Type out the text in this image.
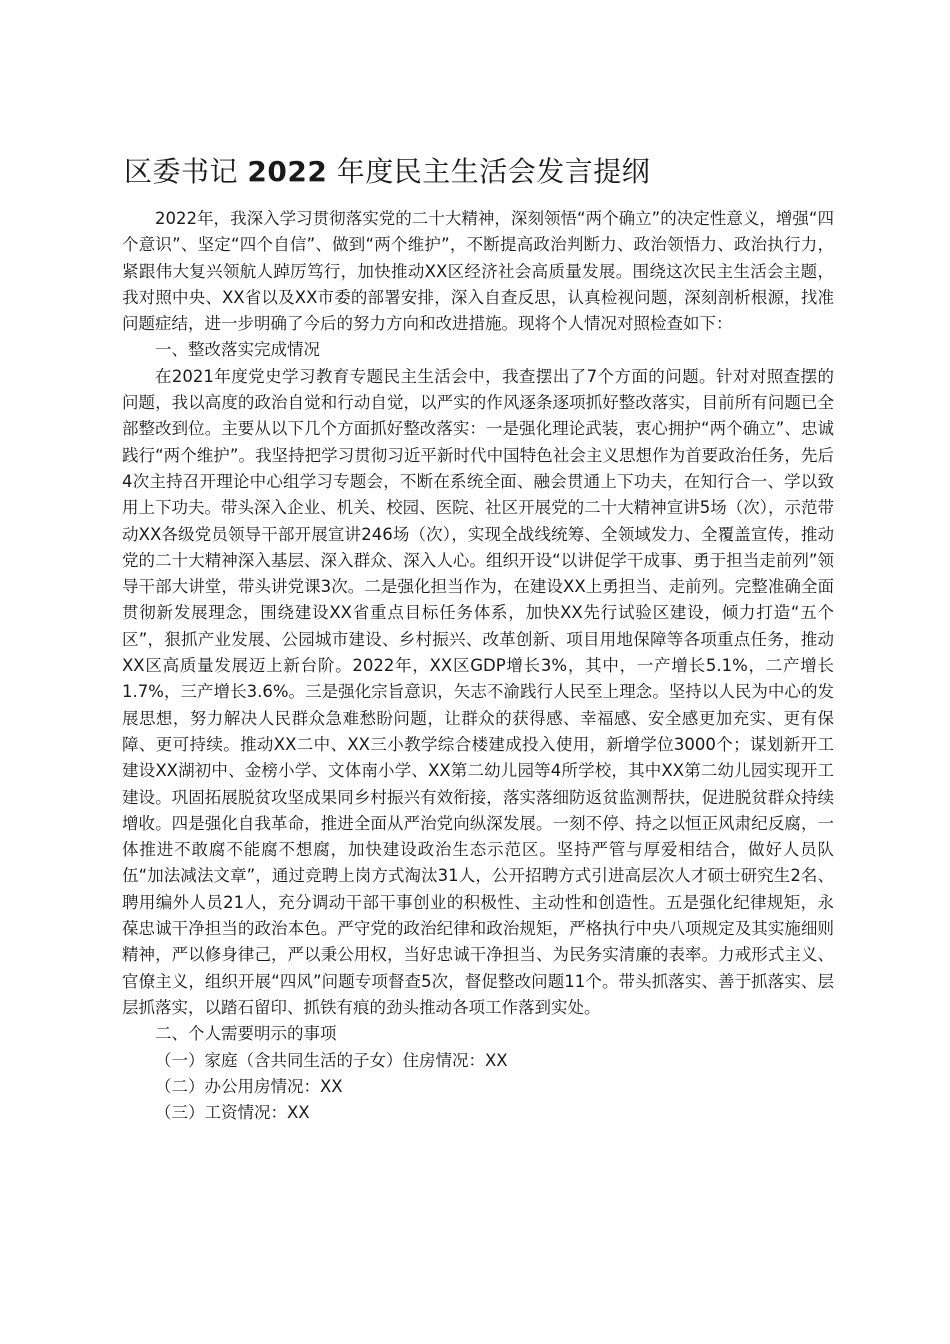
区委书记 2022 年度民主生活会发言提纲

2022年，我深入学习贯彻落实党的二十大精神，深刻领悟“两个确立”的决定性意义，增强“四个意识”、坚定“四个自信”、做到“两个维护”，不断提高政治判断力、政治领悟力、政治执行力，紧跟伟大复兴领航人踔厉笃行，加快推动XX区经济社会高质量发展。围绕这次民主生活会主题，我对照中央、XX省以及XX市委的部署安排，深入自查反思，认真检视问题，深刻剖析根源，找准问题症结，进一步明确了今后的努力方向和改进措施。现将个人情况对照检查如下：

一、整改落实完成情况

在2021年度党史学习教育专题民主生活会中，我查摆出了7个方面的问题。针对对照查摆的问题，我以高度的政治自觉和行动自觉，以严实的作风逐条逐项抓好整改落实，目前所有问题已全部整改到位。主要从以下几个方面抓好整改落实：一是强化理论武装，衷心拥护“两个确立”、忠诚践行“两个维护”。我坚持把学习贯彻习近平新时代中国特色社会主义思想作为首要政治任务，先后4次主持召开理论中心组学习专题会，不断在系统全面、融会贯通上下功夫，在知行合一、学以致用上下功夫。带头深入企业、机关、校园、医院、社区开展党的二十大精神宣讲5场（次），示范带动XX各级党员领导干部开展宣讲246场（次），实现全战线统筹、全领域发力、全覆盖宣传，推动党的二十大精神深入基层、深入群众、深入人心。组织开设“以讲促学干成事、勇于担当走前列”领导干部大讲堂，带头讲党课3次。二是强化担当作为，在建设XX上勇担当、走前列。完整准确全面贯彻新发展理念，围绕建设XX省重点目标任务体系，加快XX先行试验区建设，倾力打造“五个区”，狠抓产业发展、公园城市建设、乡村振兴、改革创新、项目用地保障等各项重点任务，推动XX区高质量发展迈上新台阶。2022年，XX区GDP增长3%，其中，一产增长5.1%，二产增长1.7%，三产增长3.6%。三是强化宗旨意识，矢志不渝践行人民至上理念。坚持以人民为中心的发展思想，努力解决人民群众急难愁盼问题，让群众的获得感、幸福感、安全感更加充实、更有保障、更可持续。推动XX二中、XX三小教学综合楼建成投入使用，新增学位3000个；谋划新开工建设XX湖初中、金榜小学、文体南小学、XX第二幼儿园等4所学校，其中XX第二幼儿园实现开工建设。巩固拓展脱贫攻坚成果同乡村振兴有效衔接，落实落细防返贫监测帮扶，促进脱贫群众持续增收。四是强化自我革命，推进全面从严治党向纵深发展。一刻不停、持之以恒正风肃纪反腐，一体推进不敢腐不能腐不想腐，加快建设政治生态示范区。坚持严管与厚爱相结合，做好人员队伍“加法减法文章”，通过竞聘上岗方式淘汰31人，公开招聘方式引进高层次人才硕士研究生2名、聘用编外人员21人，充分调动干部干事创业的积极性、主动性和创造性。五是强化纪律规矩，永葆忠诚干净担当的政治本色。严守党的政治纪律和政治规矩，严格执行中央八项规定及其实施细则精神，严以修身律己，严以秉公用权，当好忠诚干净担当、为民务实清廉的表率。力戒形式主义、官僚主义，组织开展“四风”问题专项督查5次，督促整改问题11个。带头抓落实、善于抓落实、层层抓落实，以踏石留印、抓铁有痕的劲头推动各项工作落到实处。

二、个人需要明示的事项

（一）家庭（含共同生活的子女）住房情况：XX

（二）办公用房情况：XX

（三）工资情况：XX
